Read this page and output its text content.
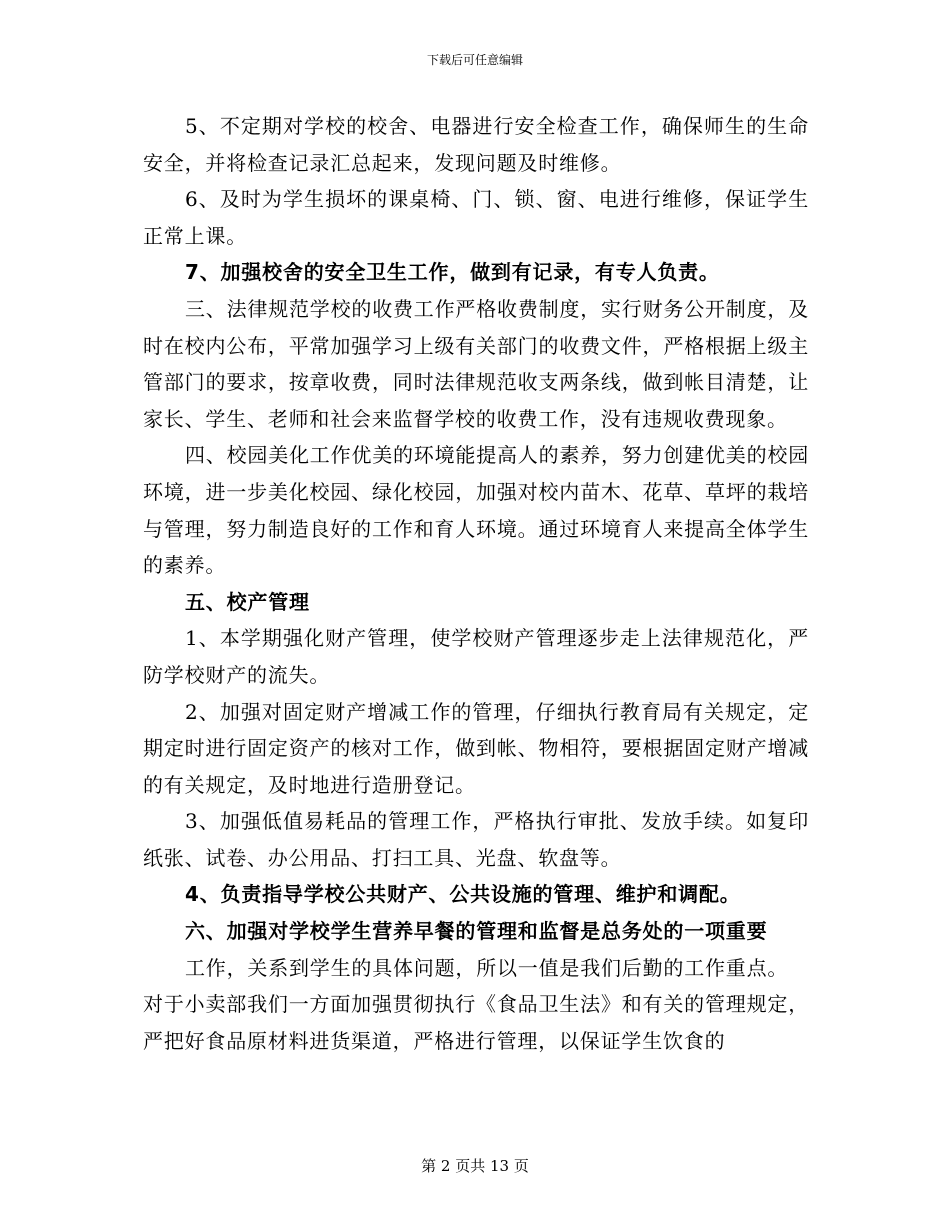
下载后可任意编辑

5、不定期对学校的校舍、电器进行安全检查工作，确保师生的生命安全，并将检查记录汇总起来，发现问题及时维修。

6、及时为学生损坏的课桌椅、门、锁、窗、电进行维修，保证学生正常上课。

7、加强校舍的安全卫生工作，做到有记录，有专人负责。

三、法律规范学校的收费工作严格收费制度，实行财务公开制度，及时在校内公布，平常加强学习上级有关部门的收费文件，严格根据上级主管部门的要求，按章收费，同时法律规范收支两条线，做到帐目清楚，让家长、学生、老师和社会来监督学校的收费工作，没有违规收费现象。

四、校园美化工作优美的环境能提高人的素养，努力创建优美的校园环境，进一步美化校园、绿化校园，加强对校内苗木、花草、草坪的栽培与管理，努力制造良好的工作和育人环境。通过环境育人来提高全体学生的素养。

五、校产管理

1、本学期强化财产管理，使学校财产管理逐步走上法律规范化，严防学校财产的流失。

2、加强对固定财产增减工作的管理，仔细执行教育局有关规定，定期定时进行固定资产的核对工作，做到帐、物相符，要根据固定财产增减的有关规定，及时地进行造册登记。

3、加强低值易耗品的管理工作，严格执行审批、发放手续。如复印纸张、试卷、办公用品、打扫工具、光盘、软盘等。

4、负责指导学校公共财产、公共设施的管理、维护和调配。

六、加强对学校学生营养早餐的管理和监督是总务处的一项重要
工作，关系到学生的具体问题，所以一值是我们后勤的工作重点。
对于小卖部我们一方面加强贯彻执行《食品卫生法》和有关的管理规定，严把好食品原材料进货渠道，严格进行管理，以保证学生饮食的
第 2 页共 13 页
